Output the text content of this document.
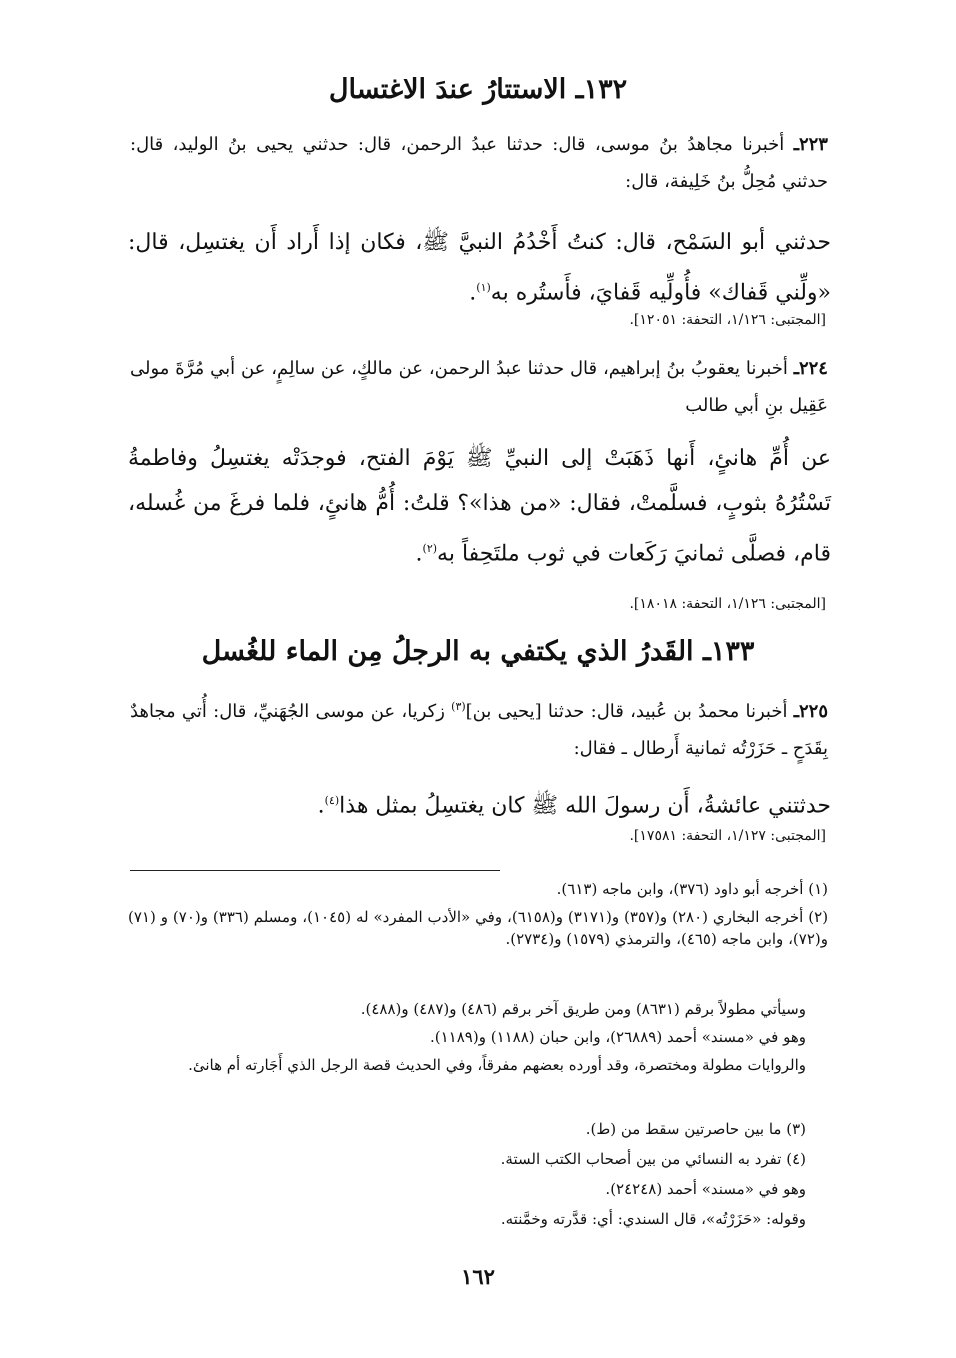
١٣٢ـ الاستتارُ عندَ الاغتسال
٢٢٣ـ أخبرنا مجاهدُ بنُ موسى، قال: حدثنا عبدُ الرحمن، قال: حدثني يحيى بنُ الوليد، قال: حدثني مُحِلُّ بنُ خَلِيفة، قال:
حدثني أبو السَمْح، قال: كنتُ أَخْدُمُ النبيَّ ﷺ، فكان إذا أَراد أَن يغتسِل، قال: «ولِّني قَفاك» فأُولِّيه قَفايَ، فأَستُره به$^{(١)}$.
[المجتبى: ١/١٢٦، التحفة: ١٢٠٥١].
٢٢٤ـ أخبرنا يعقوبُ بنُ إبراهيم، قال حدثنا عبدُ الرحمن، عن مالكٍ، عن سالِمٍ، عن أبي مُرَّةَ مولى عَقِيل بنِ أبي طالب
عن أُمِّ هانئٍ، أَنها ذَهَبَتْ إلى النبيِّ ﷺ يَوْمَ الفتح، فوجدَتْه يغتسِلُ وفاطمةُ تَسْتُرُهُ بثوبٍ، فسلَّمتْ، فقال: «من هذا»؟ قلتُ: أُمُّ هانئٍ، فلما فرغَ من غُسله، قام، فصلَّى ثمانيَ رَكَعات في ثوب ملتَحِفاً به$^{(٢)}$.
[المجتبى: ١/١٢٦، التحفة: ١٨٠١٨].
١٣٣ـ القَدرُ الذي يكتفي به الرجلُ مِن الماء للغُسل
٢٢٥ـ أخبرنا محمدُ بن عُبيد، قال: حدثنا [يحيى بن]$^{(٣)}$ زكريا، عن موسى الجُهَنيِّ، قال: أُتي مجاهدٌ بِقَدَحٍ ـ حَزَرْتُه ثمانية أَرطال ـ فقال:
حدثتني عائشةُ، أَن رسولَ الله ﷺ كان يغتسِلُ بمثل هذا$^{(٤)}$.
[المجتبى: ١/١٢٧، التحفة: ١٧٥٨١].
(١) أخرجه أبو داود (٣٧٦)، وابن ماجه (٦١٣).
(٢) أخرجه البخاري (٢٨٠) و(٣٥٧) و(٣١٧١) و(٦١٥٨)، وفي «الأدب المفرد» له (١٠٤٥)، ومسلم (٣٣٦) و(٧٠) و (٧١) و(٧٢)، وابن ماجه (٤٦٥)، والترمذي (١٥٧٩) و(٢٧٣٤).
وسيأتي مطولاً برقم (٨٦٣١) ومن طريق آخر برقم (٤٨٦) و(٤٨٧) و(٤٨٨).
وهو في «مسند» أحمد (٢٦٨٨٩)، وابن حبان (١١٨٨) و(١١٨٩).
والروايات مطولة ومختصرة، وقد أورده بعضهم مفرقاً، وفي الحديث قصة الرجل الذي أَجَارته أم هانئ.
(٣) ما بين حاصرتين سقط من (ط).
(٤) تفرد به النسائي من بين أصحاب الكتب الستة.
وهو في «مسند» أحمد (٢٤٢٤٨).
وقوله: «حَزَرْتُه»، قال السندي: أي: قدَّرته وخمَّنته.
١٦٢
